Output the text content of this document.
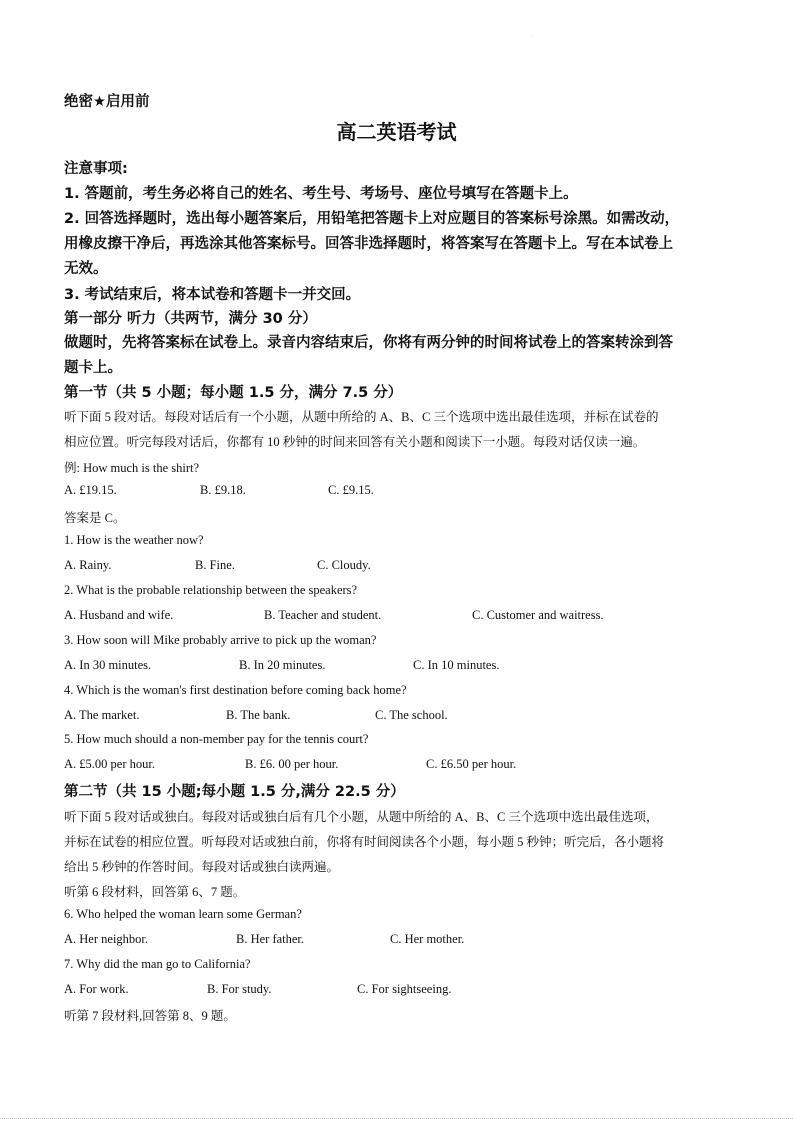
·
绝密★启用前
高二英语考试
注意事项:
1. 答题前，考生务必将自己的姓名、考生号、考场号、座位号填写在答题卡上。
2. 回答选择题时，选出每小题答案后，用铅笔把答题卡上对应题目的答案标号涂黑。如需改动，
用橡皮擦干净后，再选涂其他答案标号。回答非选择题时，将答案写在答题卡上。写在本试卷上
无效。
3. 考试结束后，将本试卷和答题卡一并交回。
第一部分 听力（共两节，满分 30 分）
做题时，先将答案标在试卷上。录音内容结束后，你将有两分钟的时间将试卷上的答案转涂到答
题卡上。
第一节（共 5 小题；每小题 1.5 分，满分 7.5 分）
听下面 5 段对话。每段对话后有一个小题，从题中所给的 A、B、C 三个选项中选出最佳选项，并标在试卷的
相应位置。听完每段对话后，你都有 10 秒钟的时间来回答有关小题和阅读下一小题。每段对话仅读一遍。
例: How much is the shirt?
A. £19.15.	B. £9.18.	C. £9.15.
答案是 C。
1. How is the weather now?
A. Rainy.	B. Fine.	C. Cloudy.
2. What is the probable relationship between the speakers?
A. Husband and wife.	B. Teacher and student.	C. Customer and waitress.
3. How soon will Mike probably arrive to pick up the woman?
A. In 30 minutes.	B. In 20 minutes.	C. In 10 minutes.
4. Which is the woman's first destination before coming back home?
A. The market.	B. The bank.	C. The school.
5. How much should a non-member pay for the tennis court?
A. £5.00 per hour.	B. £6. 00 per hour.	C. £6.50 per hour.
第二节（共 15 小题;每小题 1.5 分,满分 22.5 分）
听下面 5 段对话或独白。每段对话或独白后有几个小题，从题中所给的 A、B、C 三个选项中选出最佳选项，
并标在试卷的相应位置。听每段对话或独白前，你将有时间阅读各个小题，每小题 5 秒钟；听完后，各小题将
给出 5 秒钟的作答时间。每段对话或独白读两遍。
听第 6 段材料，回答第 6、7 题。
6. Who helped the woman learn some German?
A. Her neighbor.	B. Her father.	C. Her mother.
7. Why did the man go to California?
A. For work.	B. For study.	C. For sightseeing.
听第 7 段材料,回答第 8、9 题。
